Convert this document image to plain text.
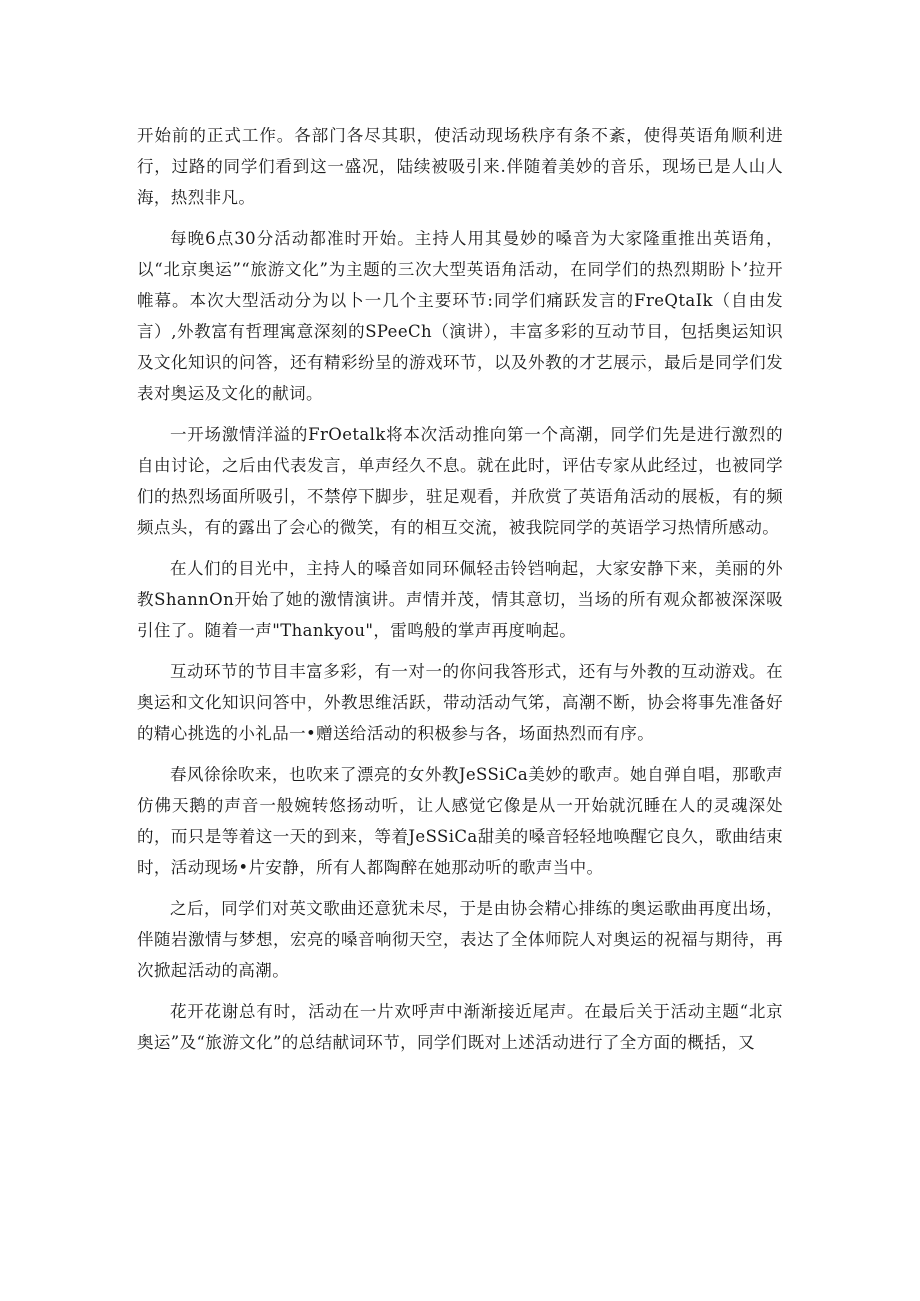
开始前的正式工作。各部门各尽其职，使活动现场秩序有条不紊，使得英语角顺利进行，过路的同学们看到这一盛况，陆续被吸引来.伴随着美妙的音乐，现场已是人山人海，热烈非凡。

每晚6点30分活动都准时开始。主持人用其曼妙的嗓音为大家隆重推出英语角，以“北京奥运”“旅游文化”为主题的三次大型英语角活动，在同学们的热烈期盼卜’拉开帷幕。本次大型活动分为以卜一几个主要环节:同学们痛跃发言的FreQtaIk（自由发言）,外教富有哲理寓意深刻的SPeeCh（演讲），丰富多彩的互动节目，包括奥运知识及文化知识的问答，还有精彩纷呈的游戏环节，以及外教的才艺展示，最后是同学们发表对奥运及文化的献词。

一开场激情洋溢的FrOetalk将本次活动推向第一个高潮，同学们先是进行激烈的自由讨论，之后由代表发言，单声经久不息。就在此时，评估专家从此经过，也被同学们的热烈场面所吸引，不禁停下脚步，驻足观看，并欣赏了英语角活动的展板，有的频频点头，有的露出了会心的微笑，有的相互交流，被我院同学的英语学习热情所感动。

在人们的目光中，主持人的嗓音如同环佩轻击铃铛响起，大家安静下来，美丽的外教ShannOn开始了她的激情演讲。声情并茂，情其意切，当场的所有观众都被深深吸引住了。随着一声"Thankyou"，雷鸣般的掌声再度响起。

互动环节的节目丰富多彩，有一对一的你问我答形式，还有与外教的互动游戏。在奥运和文化知识问答中，外教思维活跃，带动活动气笫，高潮不断，协会将事先准备好的精心挑选的小礼品一•赠送给活动的积极参与各，场面热烈而有序。

春风徐徐吹来，也吹来了漂亮的女外教JeSSiCa美妙的歌声。她自弹自唱，那歌声仿佛天鹅的声音一般婉转悠扬动听，让人感觉它像是从一开始就沉睡在人的灵魂深处的，而只是等着这一天的到来，等着JeSSiCa甜美的嗓音轻轻地唤醒它良久，歌曲结束时，活动现场•片安静，所有人都陶醉在她那动听的歌声当中。

之后，同学们对英文歌曲还意犹未尽，于是由协会精心排练的奥运歌曲再度出场，伴随岩激情与梦想，宏亮的嗓音响彻天空，表达了全体师院人对奥运的祝福与期待，再次掀起活动的高潮。

花开花谢总有时，活动在一片欢呼声中渐渐接近尾声。在最后关于活动主题“北京奥运”及“旅游文化”的总结献词环节，同学们既对上述活动进行了全方面的概括，又
